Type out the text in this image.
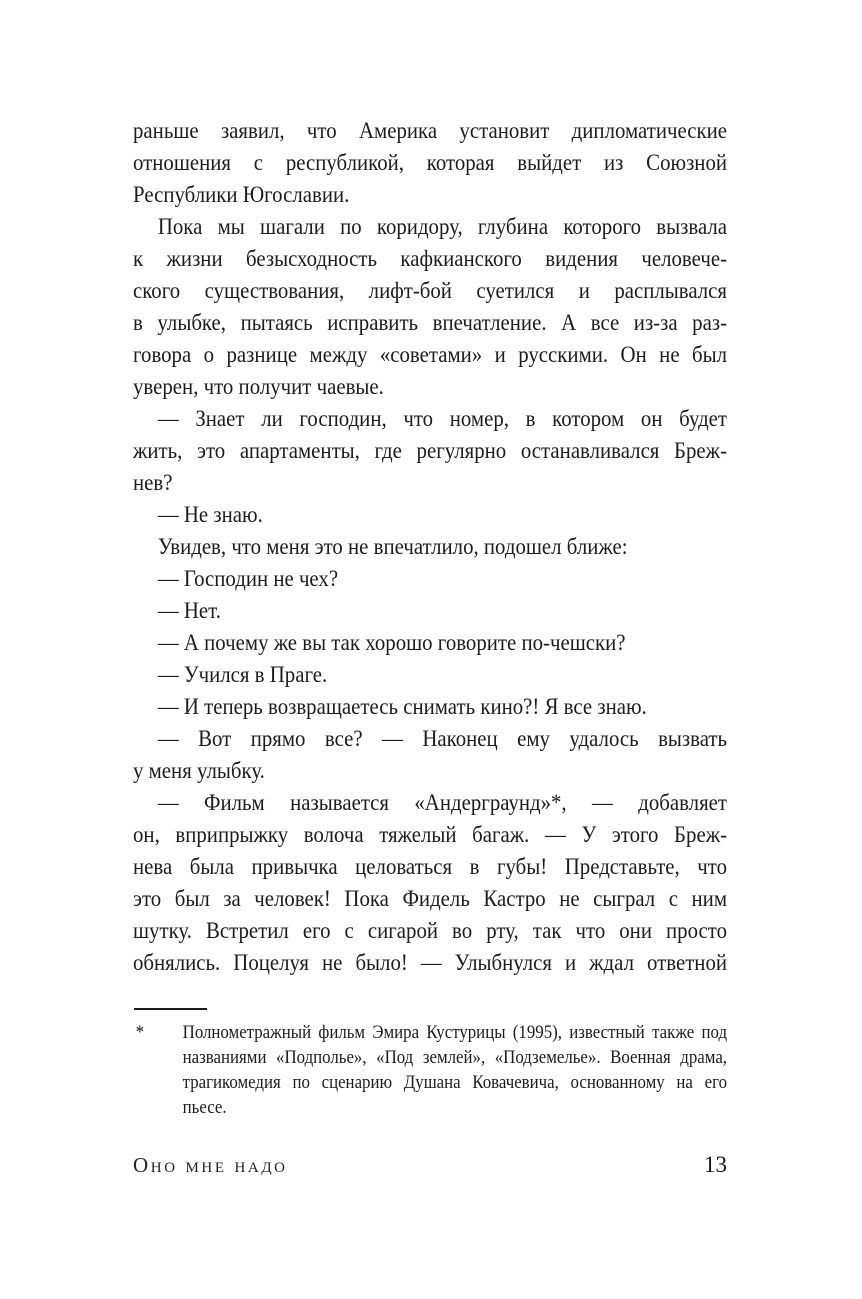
раньше заявил, что Америка установит дипломатические
отношения с республикой, которая выйдет из Союзной
Республики Югославии.
Пока мы шагали по коридору, глубина которого вызвала
к жизни безысходность кафкианского видения человече-
ского существования, лифт-бой суетился и расплывался
в улыбке, пытаясь исправить впечатление. А все из-за раз-
говора о разнице между «советами» и русскими. Он не был
уверен, что получит чаевые.
— Знает ли господин, что номер, в котором он будет
жить, это апартаменты, где регулярно останавливался Бреж-
нев?
— Не знаю.
Увидев, что меня это не впечатлило, подошел ближе:
— Господин не чех?
— Нет.
— А почему же вы так хорошо говорите по-чешски?
— Учился в Праге.
— И теперь возвращаетесь снимать кино?! Я все знаю.
— Вот прямо все? — Наконец ему удалось вызвать
у меня улыбку.
— Фильм называется «Андерграунд»*, — добавляет
он, вприпрыжку волоча тяжелый багаж. — У этого Бреж-
нева была привычка целоваться в губы! Представьте, что
это был за человек! Пока Фидель Кастро не сыграл с ним
шутку. Встретил его с сигарой во рту, так что они просто
обнялись. Поцелуя не было! — Улыбнулся и ждал ответной
* Полнометражный фильм Эмира Кустурицы (1995), известный также под
названиями «Подполье», «Под землей», «Подземелье». Военная драма,
трагикомедия по сценарию Душана Ковачевича, основанному на его
пьесе.
Оно мне надо	13
